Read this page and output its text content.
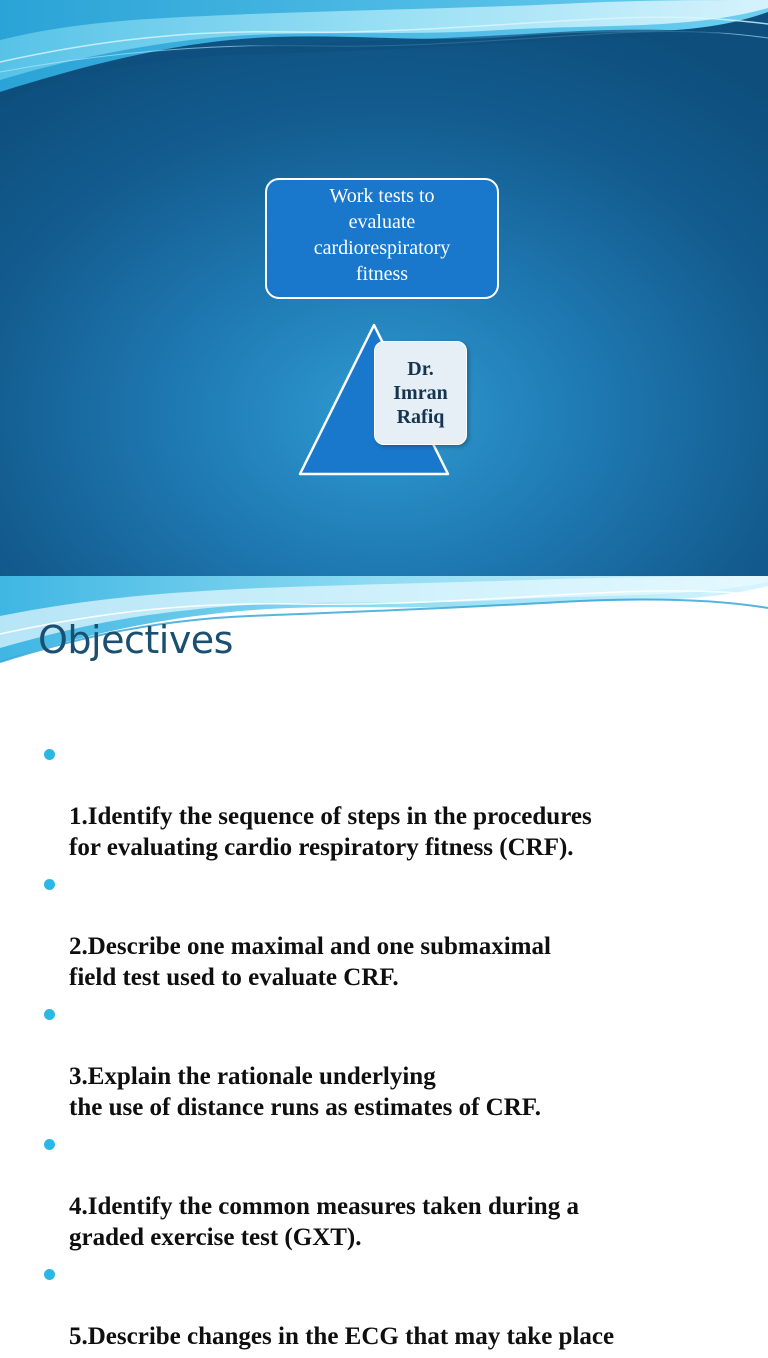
Work tests to
evaluate
cardiorespiratory
fitness
Dr.
Imran
Rafiq
Objectives

1.Identify the sequence of steps in the procedures
for evaluating cardio respiratory fitness (CRF).

2.Describe one maximal and one submaximal
field test used to evaluate CRF.

3.Explain the rationale underlying
the use of distance runs as estimates of CRF.

4.Identify the common measures taken during a
graded exercise test (GXT).

5.Describe changes in the ECG that may take place
